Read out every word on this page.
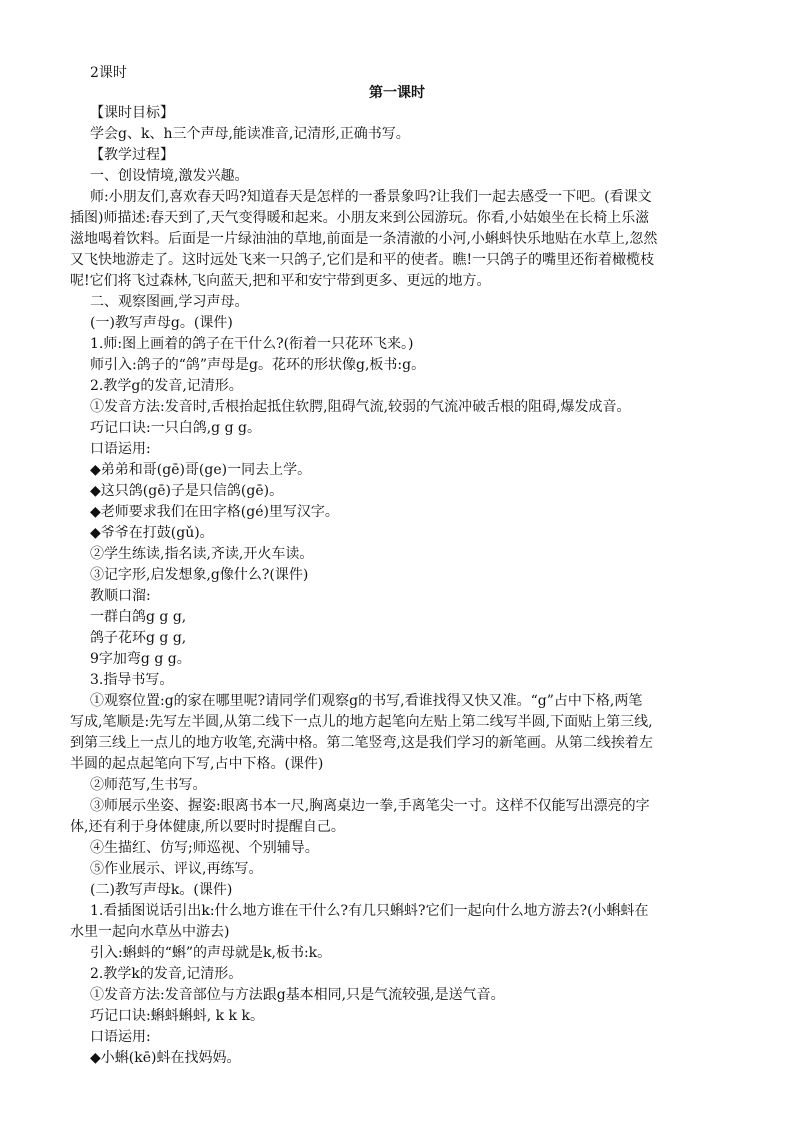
2课时
第一课时
【课时目标】
学会g、k、h三个声母,能读准音,记清形,正确书写。
【教学过程】
一、创设情境,激发兴趣。
师:小朋友们,喜欢春天吗?知道春天是怎样的一番景象吗?让我们一起去感受一下吧。(看课文
插图)师描述:春天到了,天气变得暖和起来。小朋友来到公园游玩。你看,小姑娘坐在长椅上乐滋
滋地喝着饮料。后面是一片绿油油的草地,前面是一条清澈的小河,小蝌蚪快乐地贴在水草上,忽然
又飞快地游走了。这时远处飞来一只鸽子,它们是和平的使者。瞧!一只鸽子的嘴里还衔着橄榄枝
呢!它们将飞过森林,飞向蓝天,把和平和安宁带到更多、更远的地方。
二、观察图画,学习声母。
(一)教写声母g。(课件)
1.师:图上画着的鸽子在干什么?(衔着一只花环飞来。)
师引入:鸽子的“鸽”声母是g。花环的形状像g,板书:g。
2.教学g的发音,记清形。
①发音方法:发音时,舌根抬起抵住软腭,阻碍气流,较弱的气流冲破舌根的阻碍,爆发成音。
巧记口诀:一只白鸽,g g g。
口语运用:
◆弟弟和哥(gē)哥(ge)一同去上学。
◆这只鸽(gē)子是只信鸽(gē)。
◆老师要求我们在田字格(gé)里写汉字。
◆爷爷在打鼓(gǔ)。
②学生练读,指名读,齐读,开火车读。
③记字形,启发想象,g像什么?(课件)
教顺口溜:
一群白鸽g g g,
鸽子花环g g g,
9字加弯g g g。
3.指导书写。
①观察位置:g的家在哪里呢?请同学们观察g的书写,看谁找得又快又准。“g”占中下格,两笔
写成,笔顺是:先写左半圆,从第二线下一点儿的地方起笔向左贴上第二线写半圆,下面贴上第三线,
到第三线上一点儿的地方收笔,充满中格。第二笔竖弯,这是我们学习的新笔画。从第二线挨着左
半圆的起点起笔向下写,占中下格。(课件)
②师范写,生书写。
③师展示坐姿、握姿:眼离书本一尺,胸离桌边一拳,手离笔尖一寸。这样不仅能写出漂亮的字
体,还有利于身体健康,所以要时时提醒自己。
④生描红、仿写;师巡视、个别辅导。
⑤作业展示、评议,再练写。
(二)教写声母k。(课件)
1.看插图说话引出k:什么地方谁在干什么?有几只蝌蚪?它们一起向什么地方游去?(小蝌蚪在
水里一起向水草丛中游去)
引入:蝌蚪的“蝌”的声母就是k,板书:k。
2.教学k的发音,记清形。
①发音方法:发音部位与方法跟g基本相同,只是气流较强,是送气音。
巧记口诀:蝌蚪蝌蚪, k k k。
口语运用:
◆小蝌(kē)蚪在找妈妈。
